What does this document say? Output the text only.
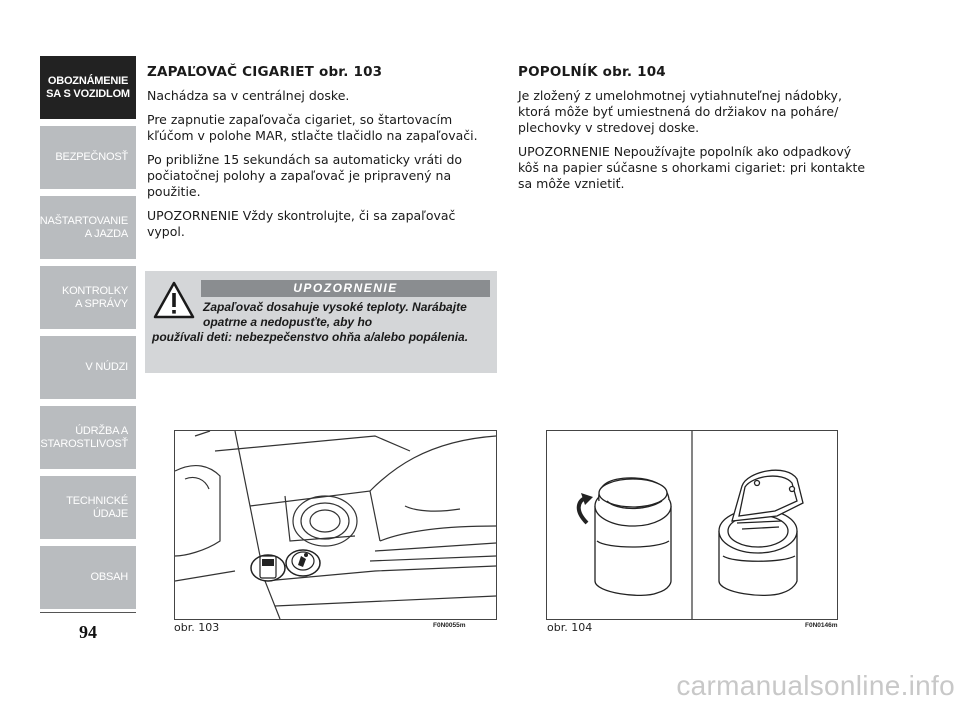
OBOZNÁMENIE
SA S VOZIDLOM
BEZPEČNOSŤ
NAŠTARTOVANIE
A JAZDA
KONTROLKY
A SPRÁVY
V NÚDZI
ÚDRŽBA A
STAROSTLIVOSŤ
TECHNICKÉ
ÚDAJE
OBSAH
94
ZAPAĽOVAČ CIGARIET obr. 103

Nachádza sa v centrálnej doske.

Pre zapnutie zapaľovača cigariet, so štartovacím kľúčom v polohe MAR, stlačte tlačidlo na zapaľovači.

Po približne 15 sekundách sa automaticky vráti do počiatočnej polohy a zapaľovač je pripravený na použitie.

UPOZORNENIE Vždy skontrolujte, či sa zapaľovač vypol.

UPOZORNENIE
Zapaľovač dosahuje vysoké teploty. Narábajte opatrne a nedopusťte, aby ho
používali deti: nebezpečenstvo ohňa a/alebo popálenia.
POPOLNÍK obr. 104

Je zložený z umelohmotnej vytiahnuteľnej nádobky, ktorá môže byť umiestnená do držiakov na poháre/ plechovky v stredovej doske.

UPOZORNENIE Nepoužívajte popolník ako odpadkový kôš na papier súčasne s ohorkami cigariet: pri kontakte sa môže vznietiť.

obr. 103	F0N0055m	obr. 104	F0N0146m
carmanualsonline.info
